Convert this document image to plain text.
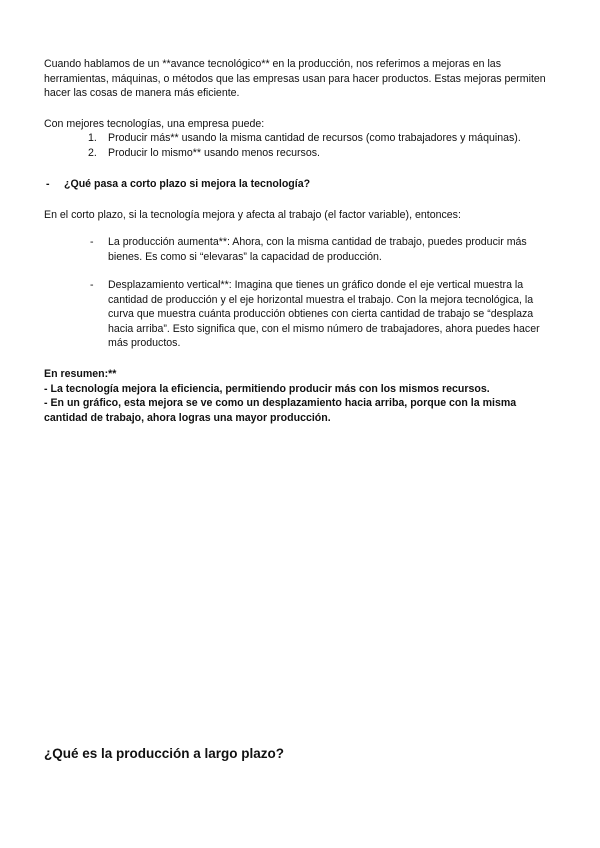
Cuando hablamos de un **avance tecnológico** en la producción, nos referimos a mejoras en las herramientas, máquinas, o métodos que las empresas usan para hacer productos. Estas mejoras permiten hacer las cosas de manera más eficiente.

Con mejores tecnologías, una empresa puede:

1. Producir más** usando la misma cantidad de recursos (como trabajadores y máquinas).
2. Producir lo mismo** usando menos recursos.
- ¿Qué pasa a corto plazo si mejora la tecnología?

En el corto plazo, si la tecnología mejora y afecta al trabajo (el factor variable), entonces:

- La producción aumenta**: Ahora, con la misma cantidad de trabajo, puedes producir más bienes. Es como si “elevaras” la capacidad de producción.
- Desplazamiento vertical**: Imagina que tienes un gráfico donde el eje vertical muestra la cantidad de producción y el eje horizontal muestra el trabajo. Con la mejora tecnológica, la curva que muestra cuánta producción obtienes con cierta cantidad de trabajo se “desplaza hacia arriba”. Esto significa que, con el mismo número de trabajadores, ahora puedes hacer más productos.

En resumen:**

- La tecnología mejora la eficiencia, permitiendo producir más con los mismos recursos.

- En un gráfico, esta mejora se ve como un desplazamiento hacia arriba, porque con la misma cantidad de trabajo, ahora logras una mayor producción.

¿Qué es la producción a largo plazo?
